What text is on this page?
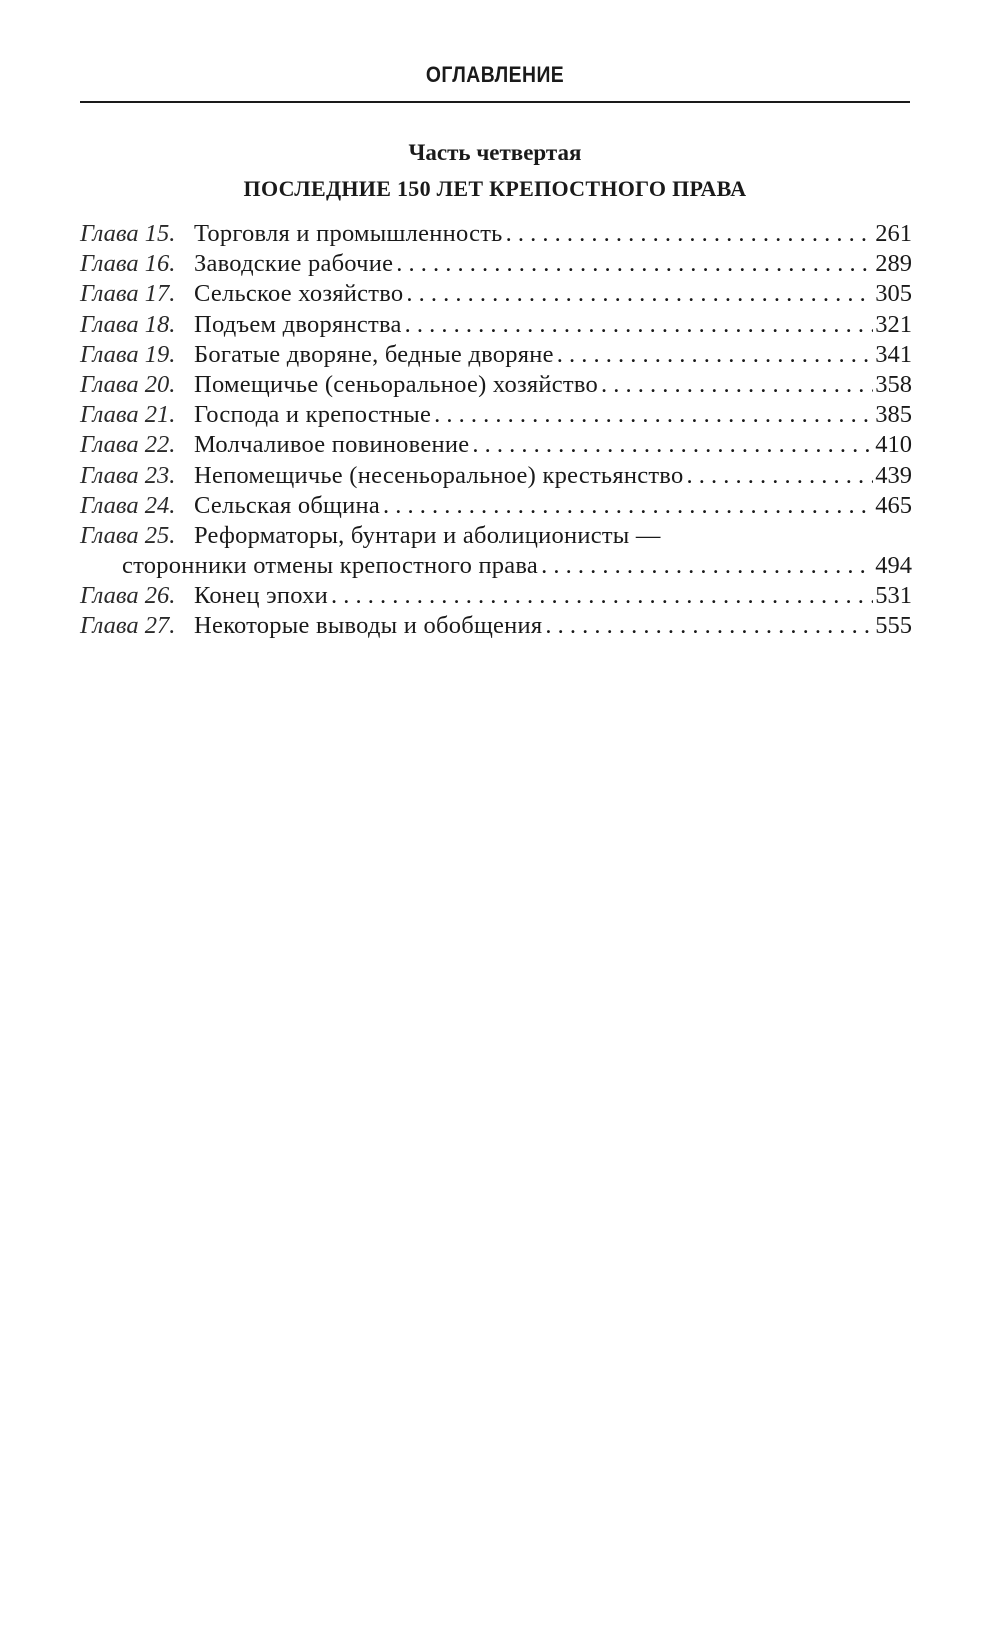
ОГЛАВЛЕНИЕ
Часть четвертая
ПОСЛЕДНИЕ 150 ЛЕТ КРЕПОСТНОГО ПРАВА
Глава 15. Торговля и промышленность . . .	261
Глава 16. Заводские рабочие . . .	289
Глава 17. Сельское хозяйство . . .	305
Глава 18. Подъем дворянства . . .	321
Глава 19. Богатые дворяне, бедные дворяне . . .	341
Глава 20. Помещичье (сеньоральное) хозяйство . . .	358
Глава 21. Господа и крепостные . . .	385
Глава 22. Молчаливое повиновение . . .	410
Глава 23. Непомещичье (несеньоральное) крестьянство . . .	439
Глава 24. Сельская община . . .	465
Глава 25. Реформаторы, бунтари и аболиционисты —
сторонники отмены крепостного права . . .	494
Глава 26. Конец эпохи . . .	531
Глава 27. Некоторые выводы и обобщения . . .	555
